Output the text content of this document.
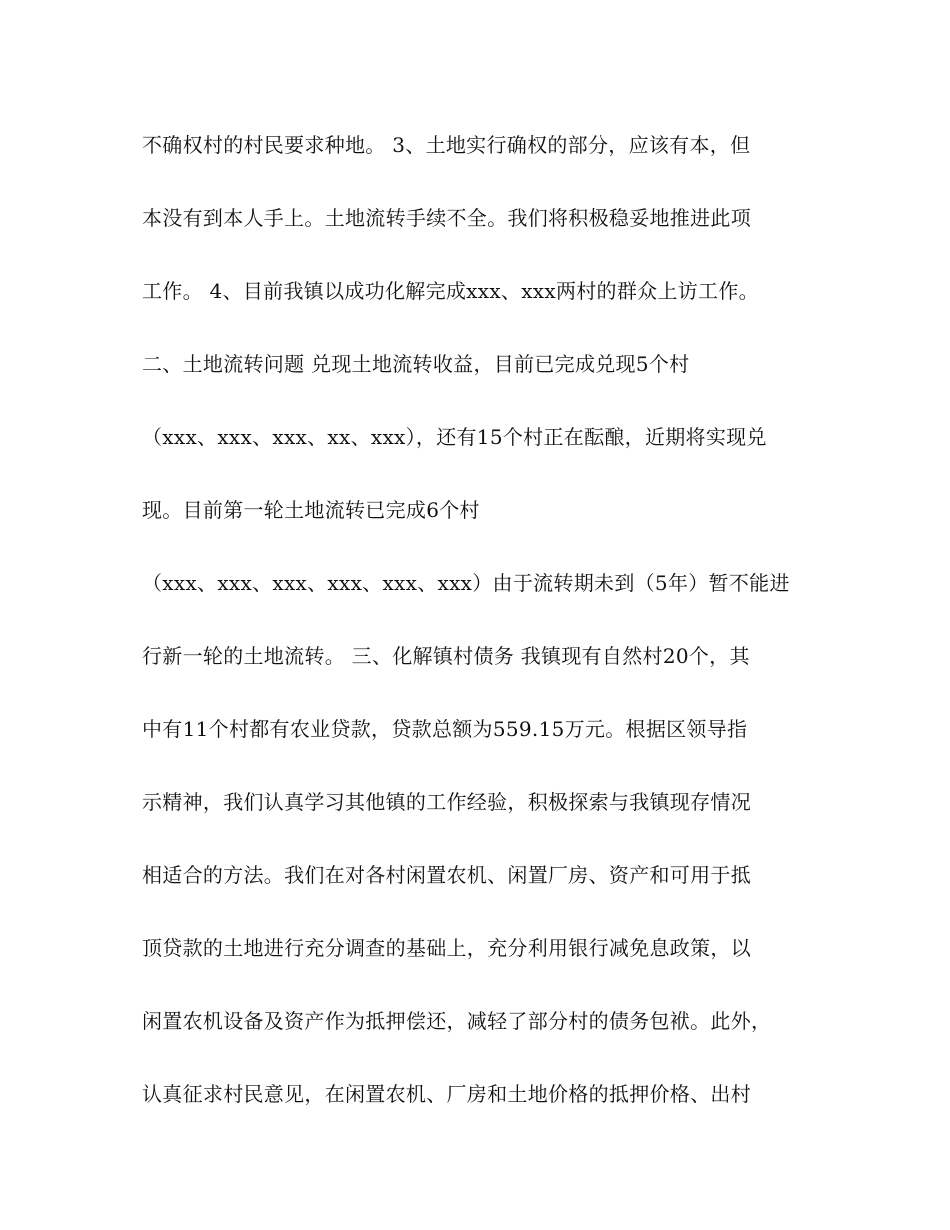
不确权村的村民要求种地。 3、土地实行确权的部分，应该有本，但
本没有到本人手上。土地流转手续不全。我们将积极稳妥地推进此项
工作。 4、目前我镇以成功化解完成xxx、xxx两村的群众上访工作。
二、土地流转问题 兑现土地流转收益，目前已完成兑现5个村
（xxx、xxx、xxx、xx、xxx），还有15个村正在酝酿，近期将实现兑
现。目前第一轮土地流转已完成6个村
（xxx、xxx、xxx、xxx、xxx、xxx）由于流转期未到（5年）暂不能进
行新一轮的土地流转。 三、化解镇村债务 我镇现有自然村20个，其
中有11个村都有农业贷款，贷款总额为559.15万元。根据区领导指
示精神，我们认真学习其他镇的工作经验，积极探索与我镇现存情况
相适合的方法。我们在对各村闲置农机、闲置厂房、资产和可用于抵
顶贷款的土地进行充分调查的基础上，充分利用银行减免息政策，以
闲置农机设备及资产作为抵押偿还，减轻了部分村的债务包袱。此外，
认真征求村民意见，在闲置农机、厂房和土地价格的抵押价格、出村
